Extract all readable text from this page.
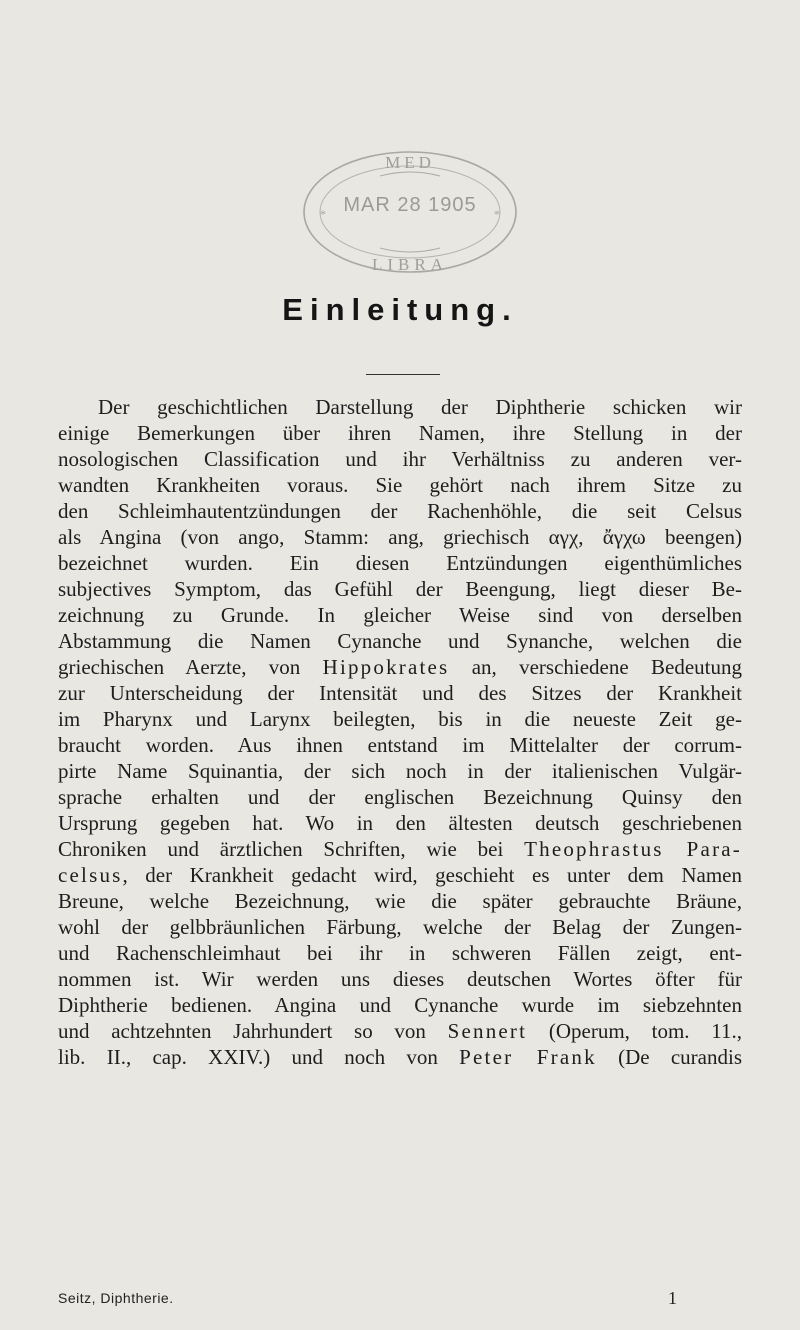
MED
LIBRA
*	*
MAR 28 1905
Einleitung.
Der geschichtlichen Darstellung der Diphtherie schicken wir
einige Bemerkungen über ihren Namen, ihre Stellung in der
nosologischen Classification und ihr Verhältniss zu anderen ver-
wandten Krankheiten voraus. Sie gehört nach ihrem Sitze zu
den Schleimhautentzündungen der Rachenhöhle, die seit Celsus
als Angina (von ango, Stamm: ang, griechisch αγχ, ἄγχω beengen)
bezeichnet wurden. Ein diesen Entzündungen eigenthümliches
subjectives Symptom, das Gefühl der Beengung, liegt dieser Be-
zeichnung zu Grunde. In gleicher Weise sind von derselben
Abstammung die Namen Cynanche und Synanche, welchen die
griechischen Aerzte, von Hippokrates an, verschiedene Bedeutung
zur Unterscheidung der Intensität und des Sitzes der Krankheit
im Pharynx und Larynx beilegten, bis in die neueste Zeit ge-
braucht worden. Aus ihnen entstand im Mittelalter der corrum-
pirte Name Squinantia, der sich noch in der italienischen Vulgär-
sprache erhalten und der englischen Bezeichnung Quinsy den
Ursprung gegeben hat. Wo in den ältesten deutsch geschriebenen
Chroniken und ärztlichen Schriften, wie bei Theophrastus Para-
celsus, der Krankheit gedacht wird, geschieht es unter dem Namen
Breune, welche Bezeichnung, wie die später gebrauchte Bräune,
wohl der gelbbräunlichen Färbung, welche der Belag der Zungen-
und Rachenschleimhaut bei ihr in schweren Fällen zeigt, ent-
nommen ist. Wir werden uns dieses deutschen Wortes öfter für
Diphtherie bedienen. Angina und Cynanche wurde im siebzehnten
und achtzehnten Jahrhundert so von Sennert (Operum, tom. 11.,
lib. II., cap. XXIV.) und noch von Peter Frank (De curandis
Seitz, Diphtherie.	1
